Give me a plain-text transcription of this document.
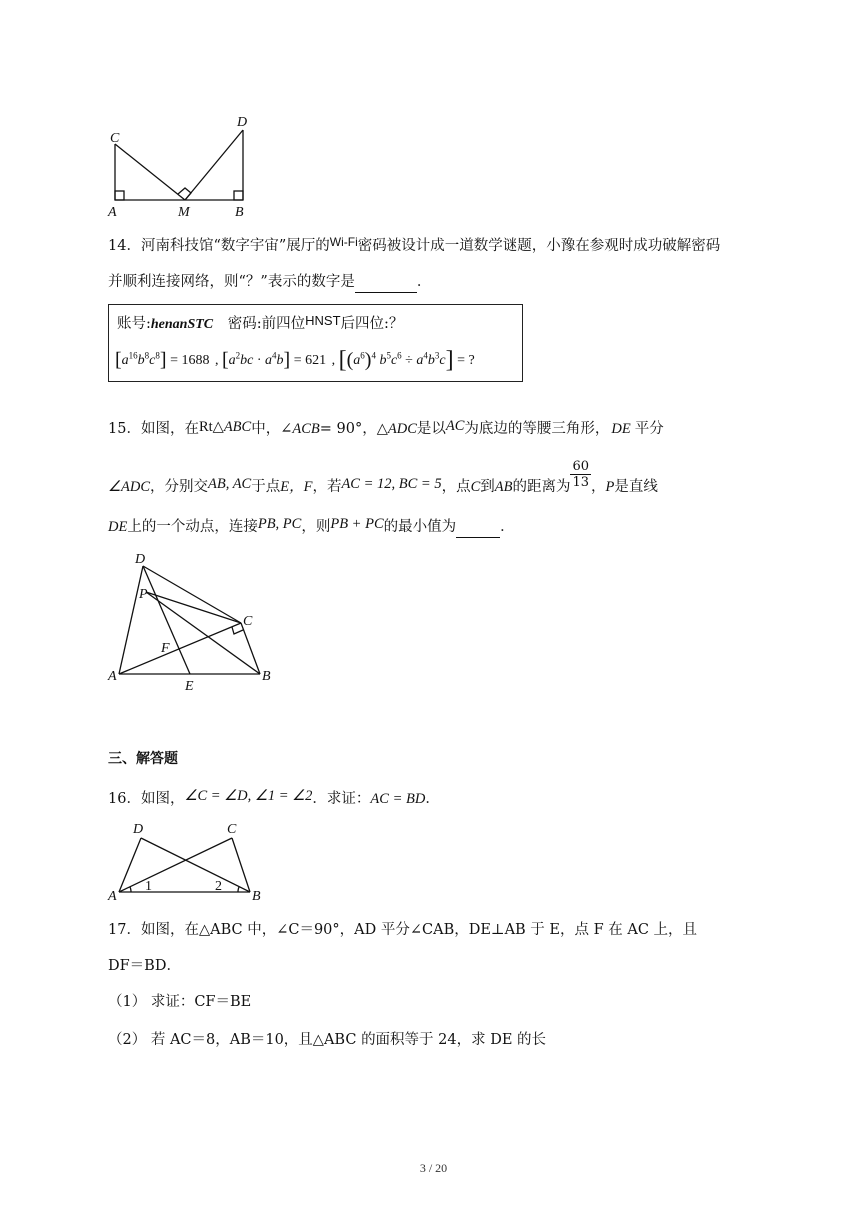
C
D
A	M	B
14．河南科技馆“数字宇宙”展厅的$^{Wi-Fi}$密码被设计成一道数学谜题，小豫在参观时成功破解密码
并顺利连接网络，则“？”表示的数字是	．
账号:henanSTC 密码:前四位HNST后四位:？
$[a^{16}b^8c^8] = 1688$ , $[a^2bc \cdot a^4b] = 621$ , [$(a^6)^4$ $b^5c^6 \div a^4b^3c$] = ?
15．如图，在Rt△ABC中，∠ACB= 90°，△ADC是以AC为底边的等腰三角形， DE 平分
∠ADC，分别交AB, AC于点E，F，若AC = 12, BC = 5，点C到AB的距离为 $\frac{60}{13}$ ，P是直线
DE上的一个动点，连接PB, PC，则PB + PC的最小值为	．
D
P
C
F
A
E
B
三、解答题
16．如图，∠C = ∠D, ∠1 = ∠2．求证：AC = BD．
D	C
A	B
1	2
17．如图，在△ABC 中，∠C＝90°，AD 平分∠CAB，DE⊥AB 于 E，点 F 在 AC 上，且
DF＝BD．
（1） 求证：CF＝BE
（2） 若 AC＝8，AB＝10，且△ABC 的面积等于 24，求 DE 的长
3 / 20
